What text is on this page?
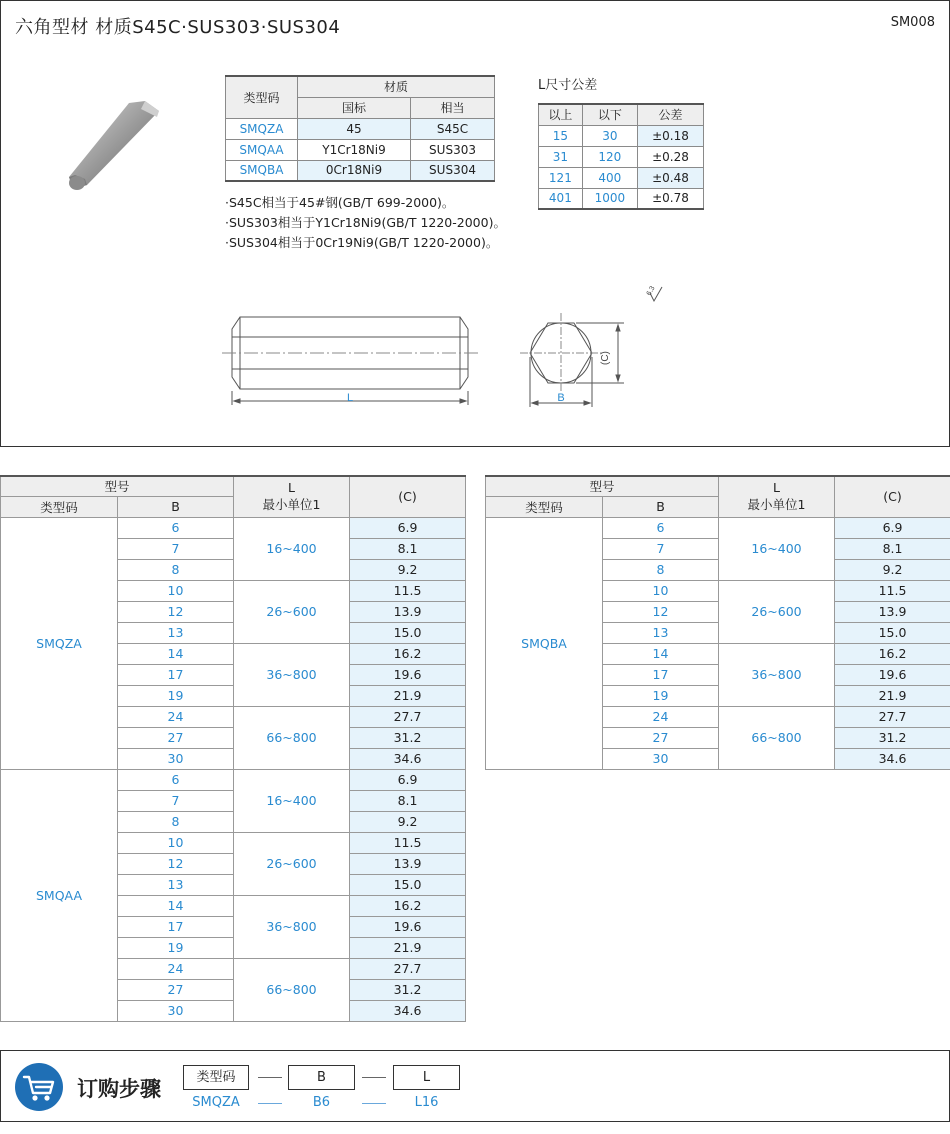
六角型材 材质S45C·SUS303·SUS304	SM008
类型码	材质	
	国标	相当
SMQZA	45	S45C
SMQAA	Y1Cr18Ni9	SUS303
SMQBA	0Cr18Ni9	SUS304
·S45C相当于45#钢(GB/T 699-2000)。
·SUS303相当于Y1Cr18Ni9(GB/T 1220-2000)。
·SUS304相当于0Cr19Ni9(GB/T 1220-2000)。
L尺寸公差
以上	以下	公差
15	30	±0.18
31	120	±0.28
121	400	±0.48
401	1000	±0.78
L	B
(C)
6.3
型号		L
最小单位1	(C)
类型码	B		
SMQZA	6	16~400	6.9
	7		8.1
	8		9.2
	10	26~600	11.5
	12		13.9
	13		15.0
	14	36~800	16.2
	17		19.6
	19		21.9
	24	66~800	27.7
	27		31.2
	30		34.6
SMQAA	6	16~400	6.9
	7		8.1
	8		9.2
	10	26~600	11.5
	12		13.9
	13		15.0
	14	36~800	16.2
	17		19.6
	19		21.9
	24	66~800	27.7
	27		31.2
	30		34.6
型号		L
最小单位1	(C)
类型码	B		
SMQBA	6	16~400	6.9
	7		8.1
	8		9.2
	10	26~600	11.5
	12		13.9
	13		15.0
	14	36~800	16.2
	17		19.6
	19		21.9
	24	66~800	27.7
	27		31.2
	30		34.6
订购步骤	类型码	B	L
SMQZA	B6	L16
